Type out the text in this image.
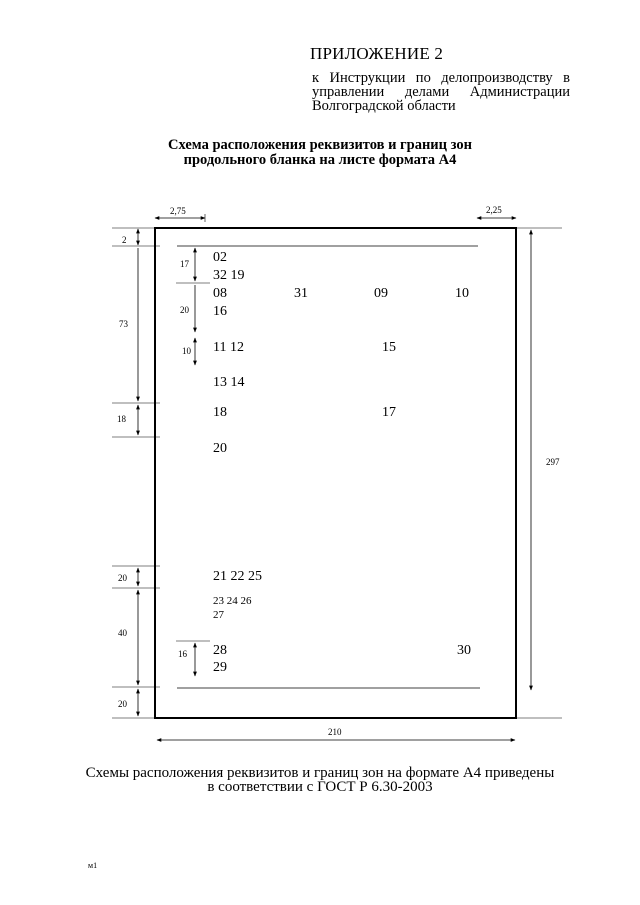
ПРИЛОЖЕНИЕ 2
к Инструкции по делопроизводству в управлении делами Администрации Волгоградской области
Схема расположения реквизитов и границ зон
продольного бланка на листе формата А4
2,75	2,25
2
73
18
20
40
20
17
20
10
16
297
210
02
32 19
08	31	09	10
16
11 12	15
13 14
18	17
20
21 22 25
23 24 26
27
28	30
29
Схемы расположения реквизитов и границ зон на формате А4 приведены
в соответствии с ГОСТ Р 6.30-2003
м1
